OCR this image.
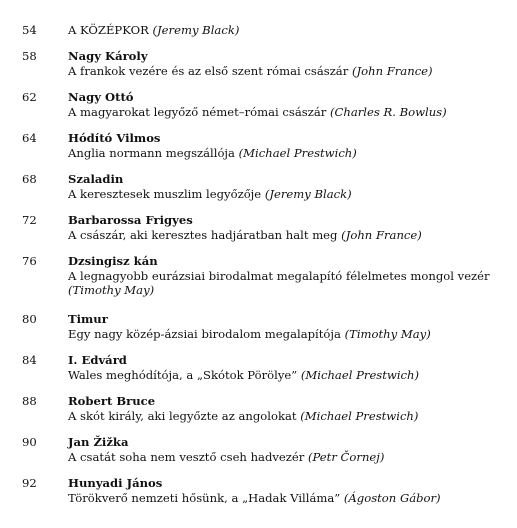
54	A KÖZÉPKOR (Jeremy Black)
58	Nagy Károly
A frankok vezére és az első szent római császár (John France)
62	Nagy Ottó
A magyarokat legyőző német–római császár (Charles R. Bowlus)
64	Hódító Vilmos
Anglia normann megszállója (Michael Prestwich)
68	Szaladin
A keresztesek muszlim legyőzője (Jeremy Black)
72	Barbarossa Frigyes
A császár, aki keresztes hadjáratban halt meg (John France)
76	Dzsingisz kán
A legnagyobb eurázsiai birodalmat megalapító félelmetes mongol vezér
(Timothy May)
80	Timur
Egy nagy közép-ázsiai birodalom megalapítója (Timothy May)
84	I. Edvárd
Wales meghódítója, a „Skótok Pörölye” (Michael Prestwich)
88	Robert Bruce
A skót király, aki legyőzte az angolokat (Michael Prestwich)
90	Jan Žižka
A csatát soha nem vesztő cseh hadvezér (Petr Čornej)
92	Hunyadi János
Törökverő nemzeti hősünk, a „Hadak Villáma” (Ágoston Gábor)
